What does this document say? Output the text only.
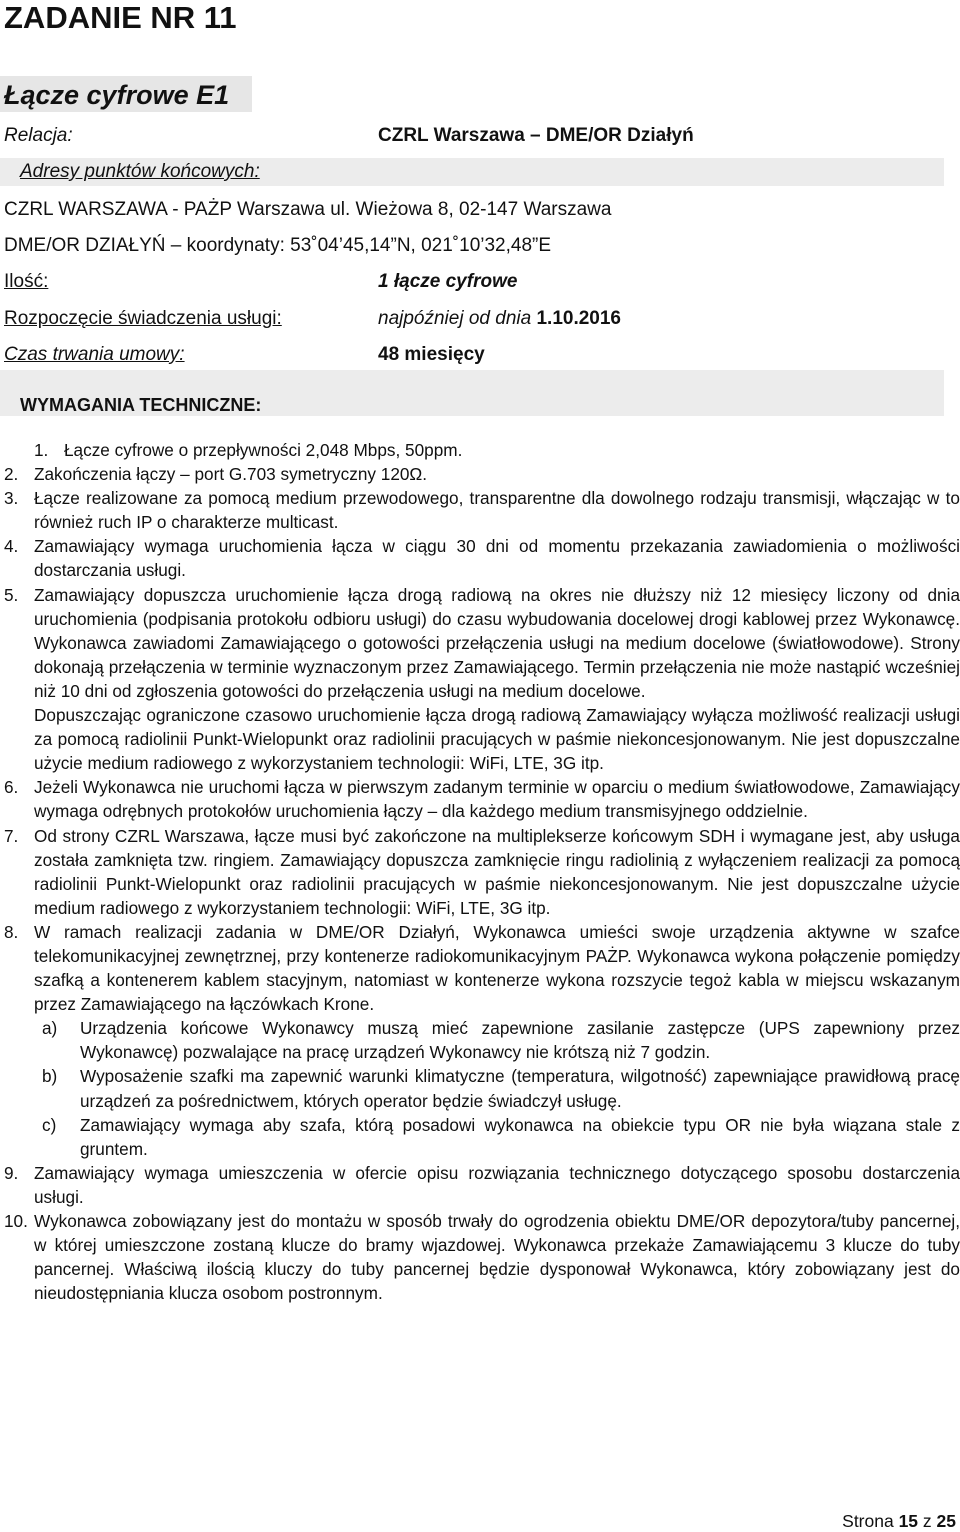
ZADANIE NR 11
Łącze cyfrowe E1
Relacja:	CZRL Warszawa – DME/OR Działyń
Adresy punktów końcowych:
CZRL WARSZAWA - PAŻP Warszawa ul. Wieżowa 8, 02-147 Warszawa
DME/OR DZIAŁYŃ – koordynaty: 53˚04’45,14”N, 021˚10’32,48”E
Ilość:	1 łącze cyfrowe
Rozpoczęcie świadczenia usługi:	najpóźniej od dnia 1.10.2016
Czas trwania umowy:	48 miesięcy
WYMAGANIA TECHNICZNE:
1. Łącze cyfrowe o przepływności 2,048 Mbps, 50ppm.
2. Zakończenia łączy – port G.703 symetryczny 120Ω.
3. Łącze realizowane za pomocą medium przewodowego, transparentne dla dowolnego rodzaju transmisji, włączając w to również ruch IP o charakterze multicast.
4. Zamawiający wymaga uruchomienia łącza w ciągu 30 dni od momentu przekazania zawiadomienia o możliwości dostarczania usługi.
5. Zamawiający dopuszcza uruchomienie łącza drogą radiową na okres nie dłuższy niż 12 miesięcy liczony od dnia uruchomienia (podpisania protokołu odbioru usługi) do czasu wybudowania docelowej drogi kablowej przez Wykonawcę. Wykonawca zawiadomi Zamawiającego o gotowości przełączenia usługi na medium docelowe (światłowodowe). Strony dokonają przełączenia w terminie wyznaczonym przez Zamawiającego. Termin przełączenia nie może nastąpić wcześniej niż 10 dni od zgłoszenia gotowości do przełączenia usługi na medium docelowe.
Dopuszczając ograniczone czasowo uruchomienie łącza drogą radiową Zamawiający wyłącza możliwość realizacji usługi za pomocą radiolinii Punkt-Wielopunkt oraz radiolinii pracujących w paśmie niekoncesjonowanym. Nie jest dopuszczalne użycie medium radiowego z wykorzystaniem technologii: WiFi, LTE, 3G itp.
6. Jeżeli Wykonawca nie uruchomi łącza w pierwszym zadanym terminie w oparciu o medium światłowodowe, Zamawiający wymaga odrębnych protokołów uruchomienia łączy – dla każdego medium transmisyjnego oddzielnie.
7. Od strony CZRL Warszawa, łącze musi być zakończone na multiplekserze końcowym SDH i wymagane jest, aby usługa została zamknięta tzw. ringiem. Zamawiający dopuszcza zamknięcie ringu radiolinią z wyłączeniem realizacji za pomocą radiolinii Punkt-Wielopunkt oraz radiolinii pracujących w paśmie niekoncesjonowanym. Nie jest dopuszczalne użycie medium radiowego z wykorzystaniem technologii: WiFi, LTE, 3G itp.
8. W ramach realizacji zadania w DME/OR Działyń, Wykonawca umieści swoje urządzenia aktywne w szafce telekomunikacyjnej zewnętrznej, przy kontenerze radiokomunikacyjnym PAŻP. Wykonawca wykona połączenie pomiędzy szafką a kontenerem kablem stacyjnym, natomiast w kontenerze wykona rozszycie tegoż kabla w miejscu wskazanym przez Zamawiającego na łączówkach Krone.
a)	Urządzenia końcowe Wykonawcy muszą mieć zapewnione zasilanie zastępcze (UPS zapewniony przez Wykonawcę) pozwalające na pracę urządzeń Wykonawcy nie krótszą niż 7 godzin.
b)	Wyposażenie szafki ma zapewnić warunki klimatyczne (temperatura, wilgotność) zapewniające prawidłową pracę urządzeń za pośrednictwem, których operator będzie świadczył usługę.
c)	Zamawiający wymaga aby szafa, którą posadowi wykonawca na obiekcie typu OR nie była wiązana stale z gruntem.
9. Zamawiający wymaga umieszczenia w ofercie opisu rozwiązania technicznego dotyczącego sposobu dostarczenia usługi.
10. Wykonawca zobowiązany jest do montażu w sposób trwały do ogrodzenia obiektu DME/OR depozytora/tuby pancernej, w której umieszczone zostaną klucze do bramy wjazdowej. Wykonawca przekaże Zamawiającemu 3 klucze do tuby pancernej. Właściwą ilością kluczy do tuby pancernej będzie dysponował Wykonawca, który zobowiązany jest do nieudostępniania klucza osobom postronnym.
Strona 15 z 25
